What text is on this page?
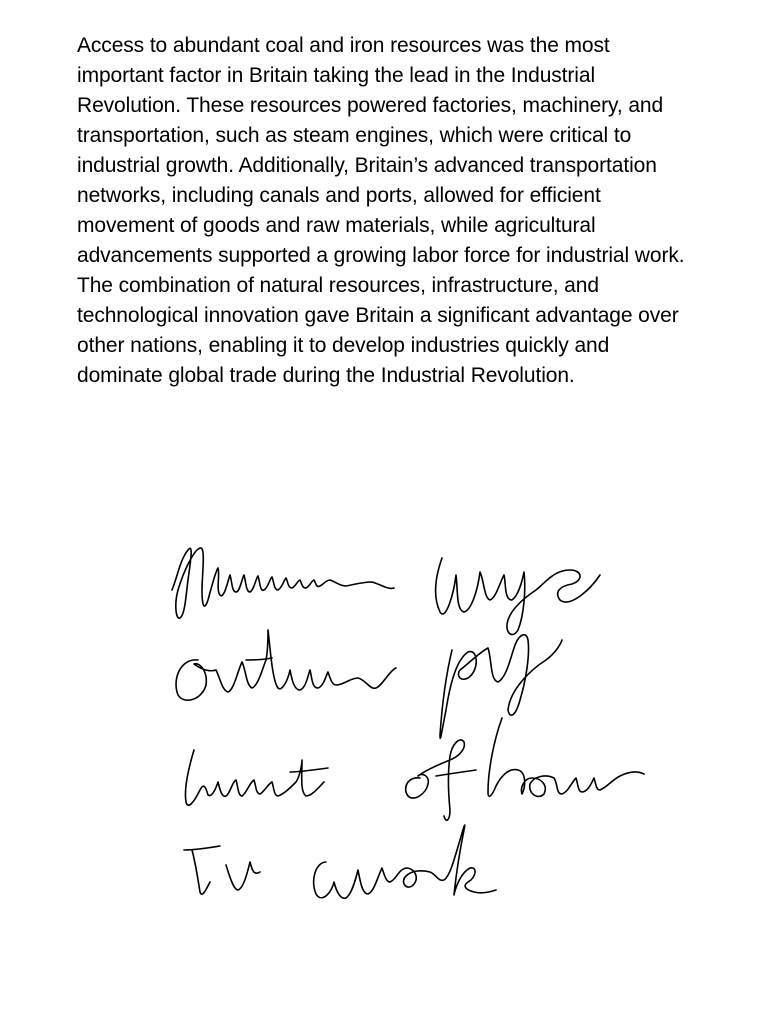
Access to abundant coal and iron resources was the most important factor in Britain taking the lead in the Industrial Revolution. These resources powered factories, machinery, and transportation, such as steam engines, which were critical to industrial growth. Additionally, Britain’s advanced transportation networks, including canals and ports, allowed for efficient movement of goods and raw materials, while agricultural advancements supported a growing labor force for industrial work. The combination of natural resources, infrastructure, and technological innovation gave Britain a significant advantage over other nations, enabling it to develop industries quickly and dominate global trade during the Industrial Revolution.
